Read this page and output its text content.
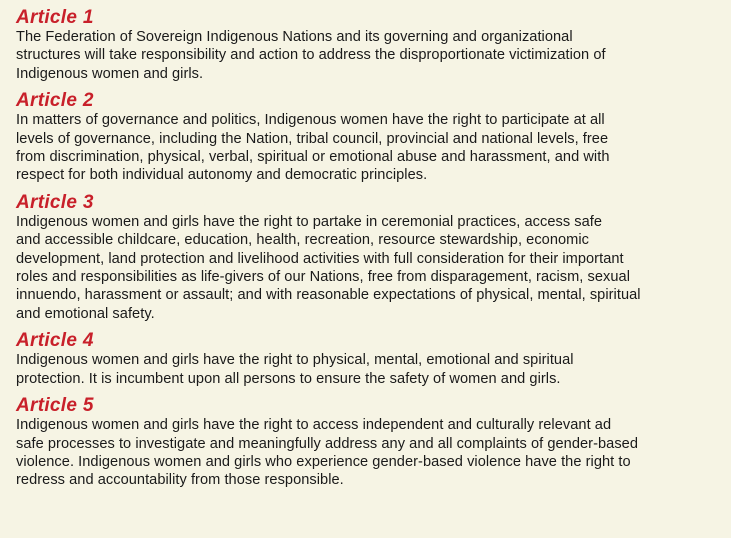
Article 1

The Federation of Sovereign Indigenous Nations and its governing and organizational
structures will take responsibility and action to address the disproportionate victimization of
Indigenous women and girls.

Article 2

In matters of governance and politics, Indigenous women have the right to participate at all
levels of governance, including the Nation, tribal council, provincial and national levels, free
from discrimination, physical, verbal, spiritual or emotional abuse and harassment, and with
respect for both individual autonomy and democratic principles.

Article 3

Indigenous women and girls have the right to partake in ceremonial practices, access safe
and accessible childcare, education, health, recreation, resource stewardship, economic
development, land protection and livelihood activities with full consideration for their important
roles and responsibilities as life-givers of our Nations, free from disparagement, racism, sexual
innuendo, harassment or assault; and with reasonable expectations of physical, mental, spiritual
and emotional safety.

Article 4

Indigenous women and girls have the right to physical, mental, emotional and spiritual
protection. It is incumbent upon all persons to ensure the safety of women and girls.

Article 5

Indigenous women and girls have the right to access independent and culturally relevant ad
safe processes to investigate and meaningfully address any and all complaints of gender-based
violence. Indigenous women and girls who experience gender-based violence have the right to
redress and accountability from those responsible.
